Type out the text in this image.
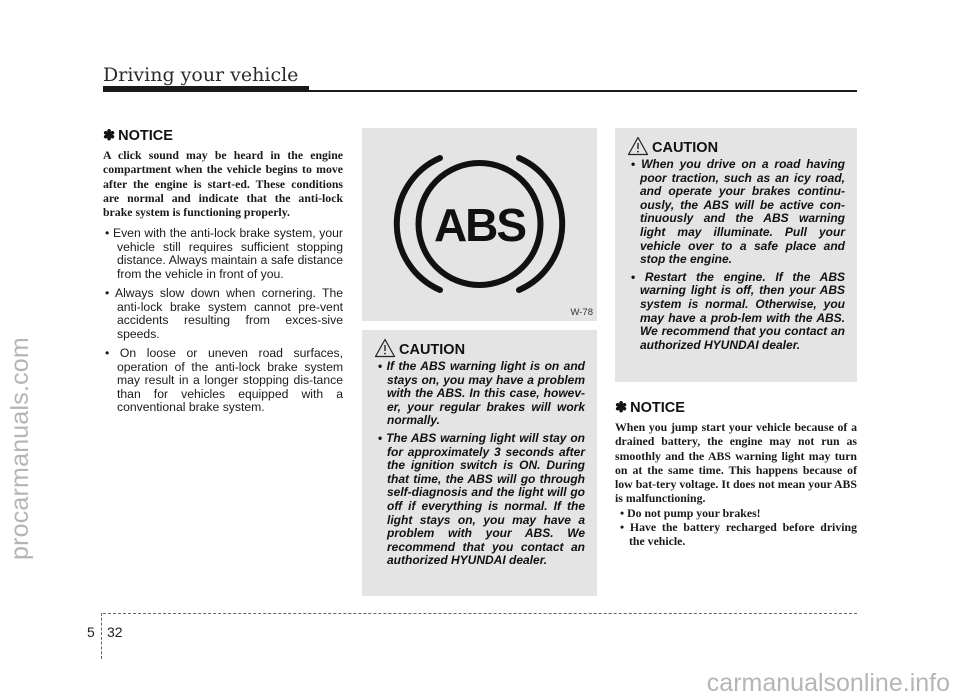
procarmanuals.com
Driving your vehicle
✽ NOTICE
A click sound may be heard in the engine compartment when the vehicle begins to move after the engine is start-ed. These conditions are normal and indicate that the anti-lock brake system is functioning properly.
• Even with the anti-lock brake system, your vehicle still requires sufficient stopping distance. Always maintain a safe distance from the vehicle in front of you.
• Always slow down when cornering. The anti-lock brake system cannot pre-vent accidents resulting from exces-sive speeds.
• On loose or uneven road surfaces, operation of the anti-lock brake system may result in a longer stopping dis-tance than for vehicles equipped with a conventional brake system.
ABS
W-78
CAUTION
• If the ABS warning light is on and stays on, you may have a problem with the ABS. In this case, howev-er, your regular brakes will work normally.
• The ABS warning light will stay on for approximately 3 seconds after the ignition switch is ON. During that time, the ABS will go through self-diagnosis and the light will go off if everything is normal. If the light stays on, you may have a problem with your ABS. We recommend that you contact an authorized HYUNDAI dealer.
CAUTION
• When you drive on a road having poor traction, such as an icy road, and operate your brakes continu-ously, the ABS will be active con-tinuously and the ABS warning light may illuminate. Pull your vehicle over to a safe place and stop the engine.
• Restart the engine. If the ABS warning light is off, then your ABS system is normal. Otherwise, you may have a prob-lem with the ABS. We recommend that you contact an authorized HYUNDAI dealer.
✽ NOTICE
When you jump start your vehicle because of a drained battery, the engine may not run as smoothly and the ABS warning light may turn on at the same time. This happens because of low bat-tery voltage. It does not mean your ABS is malfunctioning.
• Do not pump your brakes!
• Have the battery recharged before driving the vehicle.
5 32
carmanualsonline.info
